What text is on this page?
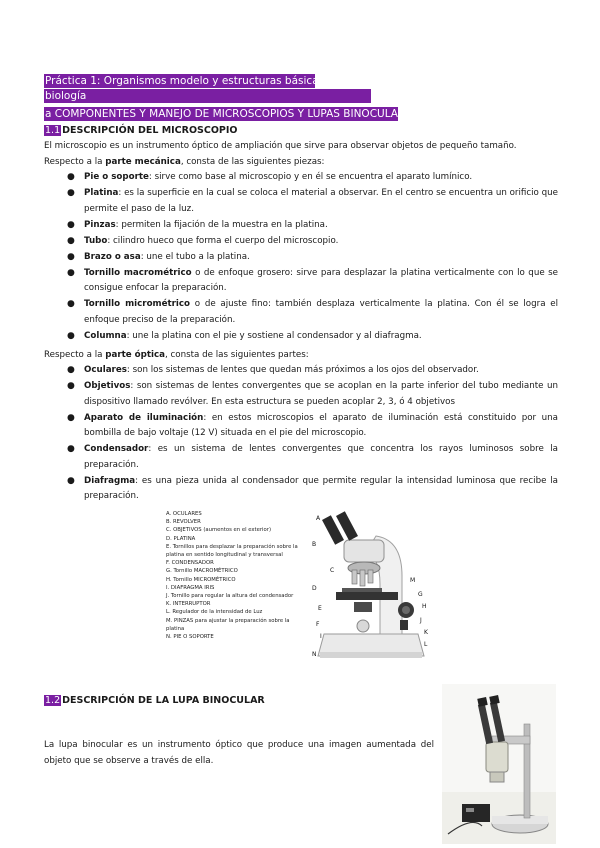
Práctica 1: Organismos modelo y estructuras básicas en
biología
a COMPONENTES Y MANEJO DE MICROSCOPIOS Y LUPAS BINOCULARES
1.1 DESCRIPCIÓN DEL MICROSCOPIO
El microscopio es un instrumento óptico de ampliación que sirve para observar objetos de pequeño tamaño.
Respecto a la parte mecánica, consta de las siguientes piezas:
● Pie o soporte: sirve como base al microscopio y en él se encuentra el aparato lumínico.
● Platina: es la superficie en la cual se coloca el material a observar. En el centro se encuentra un orificio que permite el paso de la luz.
● Pinzas: permiten la fijación de la muestra en la platina.
● Tubo: cilindro hueco que forma el cuerpo del microscopio.
● Brazo o asa: une el tubo a la platina.
● Tornillo macrométrico o de enfoque grosero: sirve para desplazar la platina verticalmente con lo que se consigue enfocar la preparación.
● Tornillo micrométrico o de ajuste fino: también desplaza verticalmente la platina. Con él se logra el enfoque preciso de la preparación.
● Columna: une la platina con el pie y sostiene al condensador y al diafragma.
Respecto a la parte óptica, consta de las siguientes partes:
● Oculares: son los sistemas de lentes que quedan más próximos a los ojos del observador.
● Objetivos: son sistemas de lentes convergentes que se acoplan en la parte inferior del tubo mediante un dispositivo llamado revólver. En esta estructura se pueden acoplar 2, 3, ó 4 objetivos
● Aparato de iluminación: en estos microscopios el aparato de iluminación está constituido por una bombilla de bajo voltaje (12 V) situada en el pie del microscopio.
● Condensador: es un sistema de lentes convergentes que concentra los rayos luminosos sobre la preparación.
● Diafragma: es una pieza unida al condensador que permite regular la intensidad luminosa que recibe la preparación.
A. OCULARES
B. REVOLVER
C. OBJETIVOS (aumentos en el exterior)
D. PLATINA
E. Tornillos para desplazar la preparación sobre la platina en sentido longitudinal y transversal
F. CONDENSADOR
G. Tornillo MACROMÉTRICO
H. Tornillo MICROMÉTRICO
I. DIAFRAGMA IRIS
J. Tornillo para regular la altura del condensador
K. INTERRUPTOR
L. Regulador de la intensidad de Luz
M. PINZAS para ajustar la preparación sobre la platina
N. PIE O SOPORTE
A
B
C
D
E
F
G
H
I
J
K
L
M
N
1.2 DESCRIPCIÓN DE LA LUPA BINOCULAR
La lupa binocular es un instrumento óptico que produce una imagen aumentada del objeto que se observe a través de ella.
